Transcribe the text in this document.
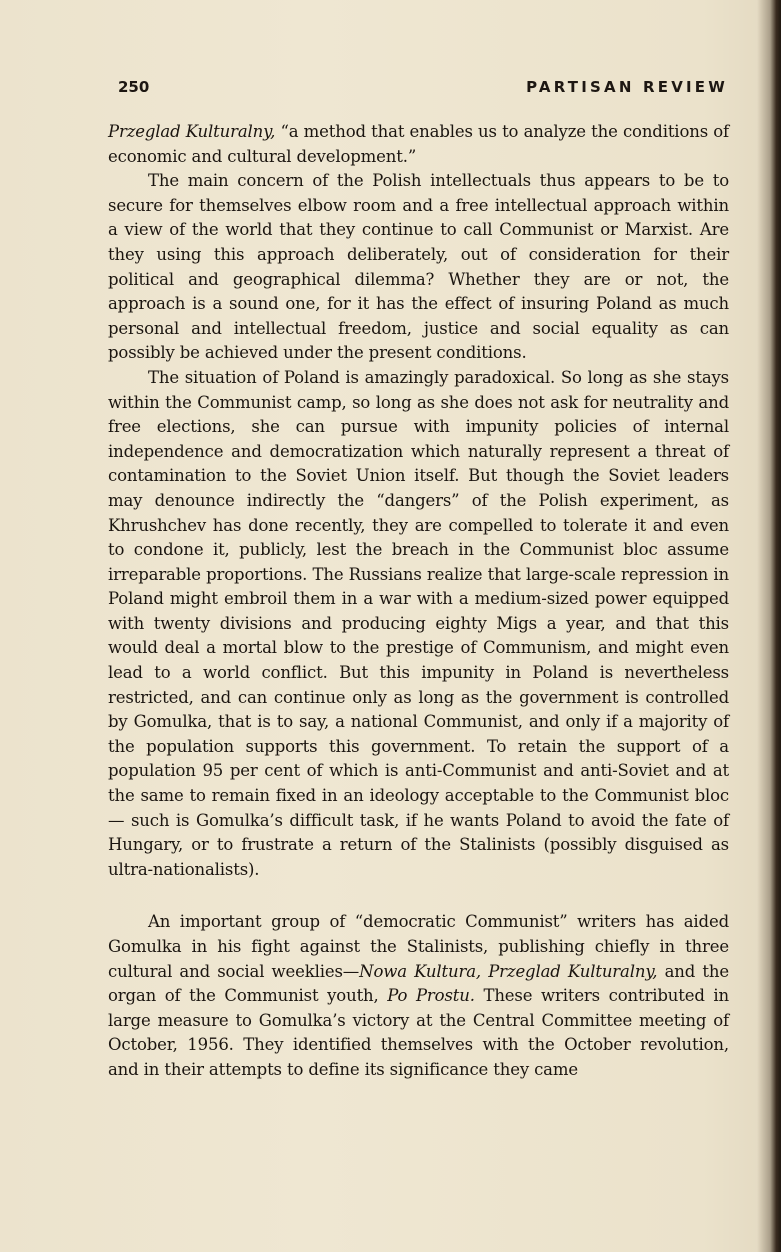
250	PARTISAN REVIEW

Przeglad Kulturalny, “a method that enables us to analyze the conditions of economic and cultural development.”

The main concern of the Polish intellectuals thus appears to be to secure for themselves elbow room and a free intellectual approach within a view of the world that they continue to call Communist or Marxist. Are they using this approach deliberately, out of consideration for their political and geographical dilemma? Whether they are or not, the approach is a sound one, for it has the effect of insuring Poland as much personal and intellectual freedom, justice and social equality as can possibly be achieved under the present conditions.

The situation of Poland is amazingly paradoxical. So long as she stays within the Communist camp, so long as she does not ask for neutrality and free elections, she can pursue with impunity policies of internal independence and democratization which naturally represent a threat of contamination to the Soviet Union itself. But though the Soviet leaders may denounce indirectly the “dangers” of the Polish experiment, as Khrushchev has done recently, they are compelled to tolerate it and even to condone it, publicly, lest the breach in the Communist bloc assume irreparable proportions. The Russians realize that large-scale repression in Poland might embroil them in a war with a medium-sized power equipped with twenty divisions and producing eighty Migs a year, and that this would deal a mortal blow to the prestige of Communism, and might even lead to a world conflict. But this impunity in Poland is nevertheless restricted, and can continue only as long as the government is controlled by Gomulka, that is to say, a national Communist, and only if a majority of the population supports this government. To retain the support of a population 95 per cent of which is anti-Communist and anti-Soviet and at the same to remain fixed in an ideology acceptable to the Communist bloc— such is Gomulka’s difficult task, if he wants Poland to avoid the fate of Hungary, or to frustrate a return of the Stalinists (possibly disguised as ultra-nationalists).

An important group of “democratic Communist” writers has aided Gomulka in his fight against the Stalinists, publishing chiefly in three cultural and social weeklies—Nowa Kultura, Przeglad Kulturalny, and the organ of the Communist youth, Po Prostu. These writers contributed in large measure to Gomulka’s victory at the Central Committee meeting of October, 1956. They identified themselves with the October revolution, and in their attempts to define its significance they came
